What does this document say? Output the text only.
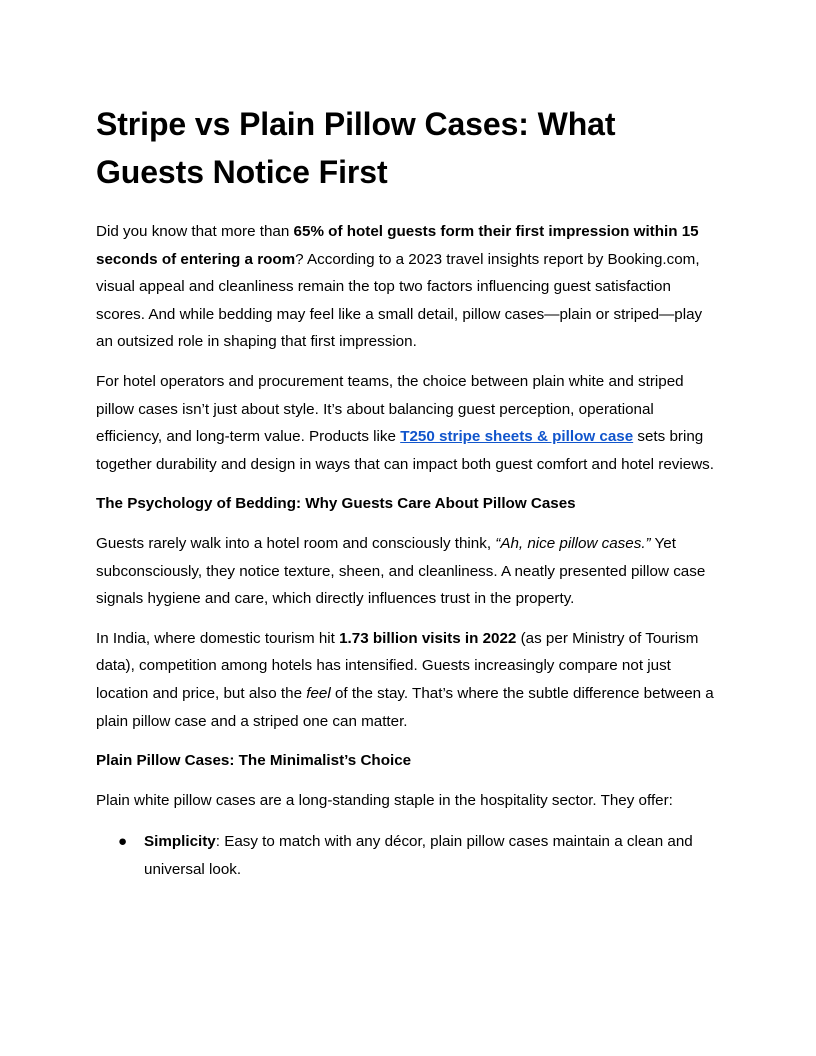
Stripe vs Plain Pillow Cases: What Guests Notice First

Did you know that more than 65% of hotel guests form their first impression within 15 seconds of entering a room? According to a 2023 travel insights report by Booking.com, visual appeal and cleanliness remain the top two factors influencing guest satisfaction scores. And while bedding may feel like a small detail, pillow cases—plain or striped—play an outsized role in shaping that first impression.

For hotel operators and procurement teams, the choice between plain white and striped pillow cases isn’t just about style. It’s about balancing guest perception, operational efficiency, and long-term value. Products like T250 stripe sheets & pillow case sets bring together durability and design in ways that can impact both guest comfort and hotel reviews.

The Psychology of Bedding: Why Guests Care About Pillow Cases

Guests rarely walk into a hotel room and consciously think, “Ah, nice pillow cases.” Yet subconsciously, they notice texture, sheen, and cleanliness. A neatly presented pillow case signals hygiene and care, which directly influences trust in the property.

In India, where domestic tourism hit 1.73 billion visits in 2022 (as per Ministry of Tourism data), competition among hotels has intensified. Guests increasingly compare not just location and price, but also the feel of the stay. That’s where the subtle difference between a plain pillow case and a striped one can matter.

Plain Pillow Cases: The Minimalist’s Choice

Plain white pillow cases are a long-standing staple in the hospitality sector. They offer:

● Simplicity: Easy to match with any décor, plain pillow cases maintain a clean and universal look.
